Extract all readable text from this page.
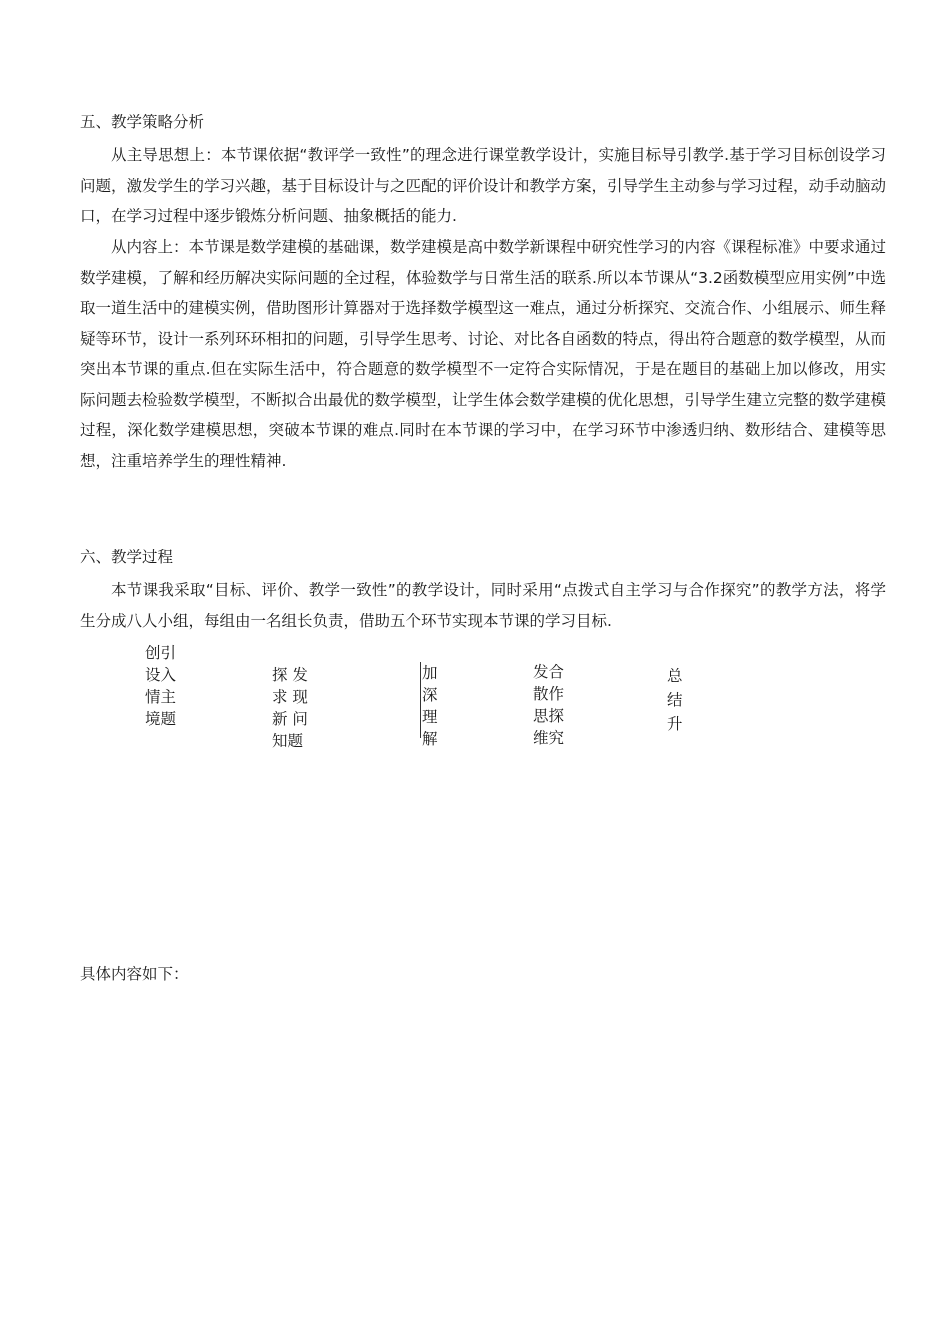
五、教学策略分析

从主导思想上：本节课依据“教评学一致性”的理念进行课堂教学设计，实施目标导引教学.基于学习目标创设学习问题，激发学生的学习兴趣，基于目标设计与之匹配的评价设计和教学方案，引导学生主动参与学习过程，动手动脑动口，在学习过程中逐步锻炼分析问题、抽象概括的能力.

从内容上：本节课是数学建模的基础课，数学建模是高中数学新课程中研究性学习的内容《课程标准》中要求通过数学建模，了解和经历解决实际问题的全过程，体验数学与日常生活的联系.所以本节课从“3.2函数模型应用实例”中选取一道生活中的建模实例，借助图形计算器对于选择数学模型这一难点，通过分析探究、交流合作、小组展示、师生释疑等环节，设计一系列环环相扣的问题，引导学生思考、讨论、对比各自函数的特点，得出符合题意的数学模型，从而突出本节课的重点.但在实际生活中，符合题意的数学模型不一定符合实际情况，于是在题目的基础上加以修改，用实际问题去检验数学模型，不断拟合出最优的数学模型，让学生体会数学建模的优化思想，引导学生建立完整的数学建模过程，深化数学建模思想，突破本节课的难点.同时在本节课的学习中，在学习环节中渗透归纳、数形结合、建模等思想，注重培养学生的理性精神.

六、教学过程

本节课我采取“目标、评价、教学一致性”的教学设计，同时采用“点拨式自主学习与合作探究”的教学方法，将学生分成八人小组，每组由一名组长负责，借助五个环节实现本节课的学习目标.

创引
设入
情主
境题
探 发
求 现
新 问
知题
加
深
理
解
发合
散作
思探
维究
总
结
升
具体内容如下：
